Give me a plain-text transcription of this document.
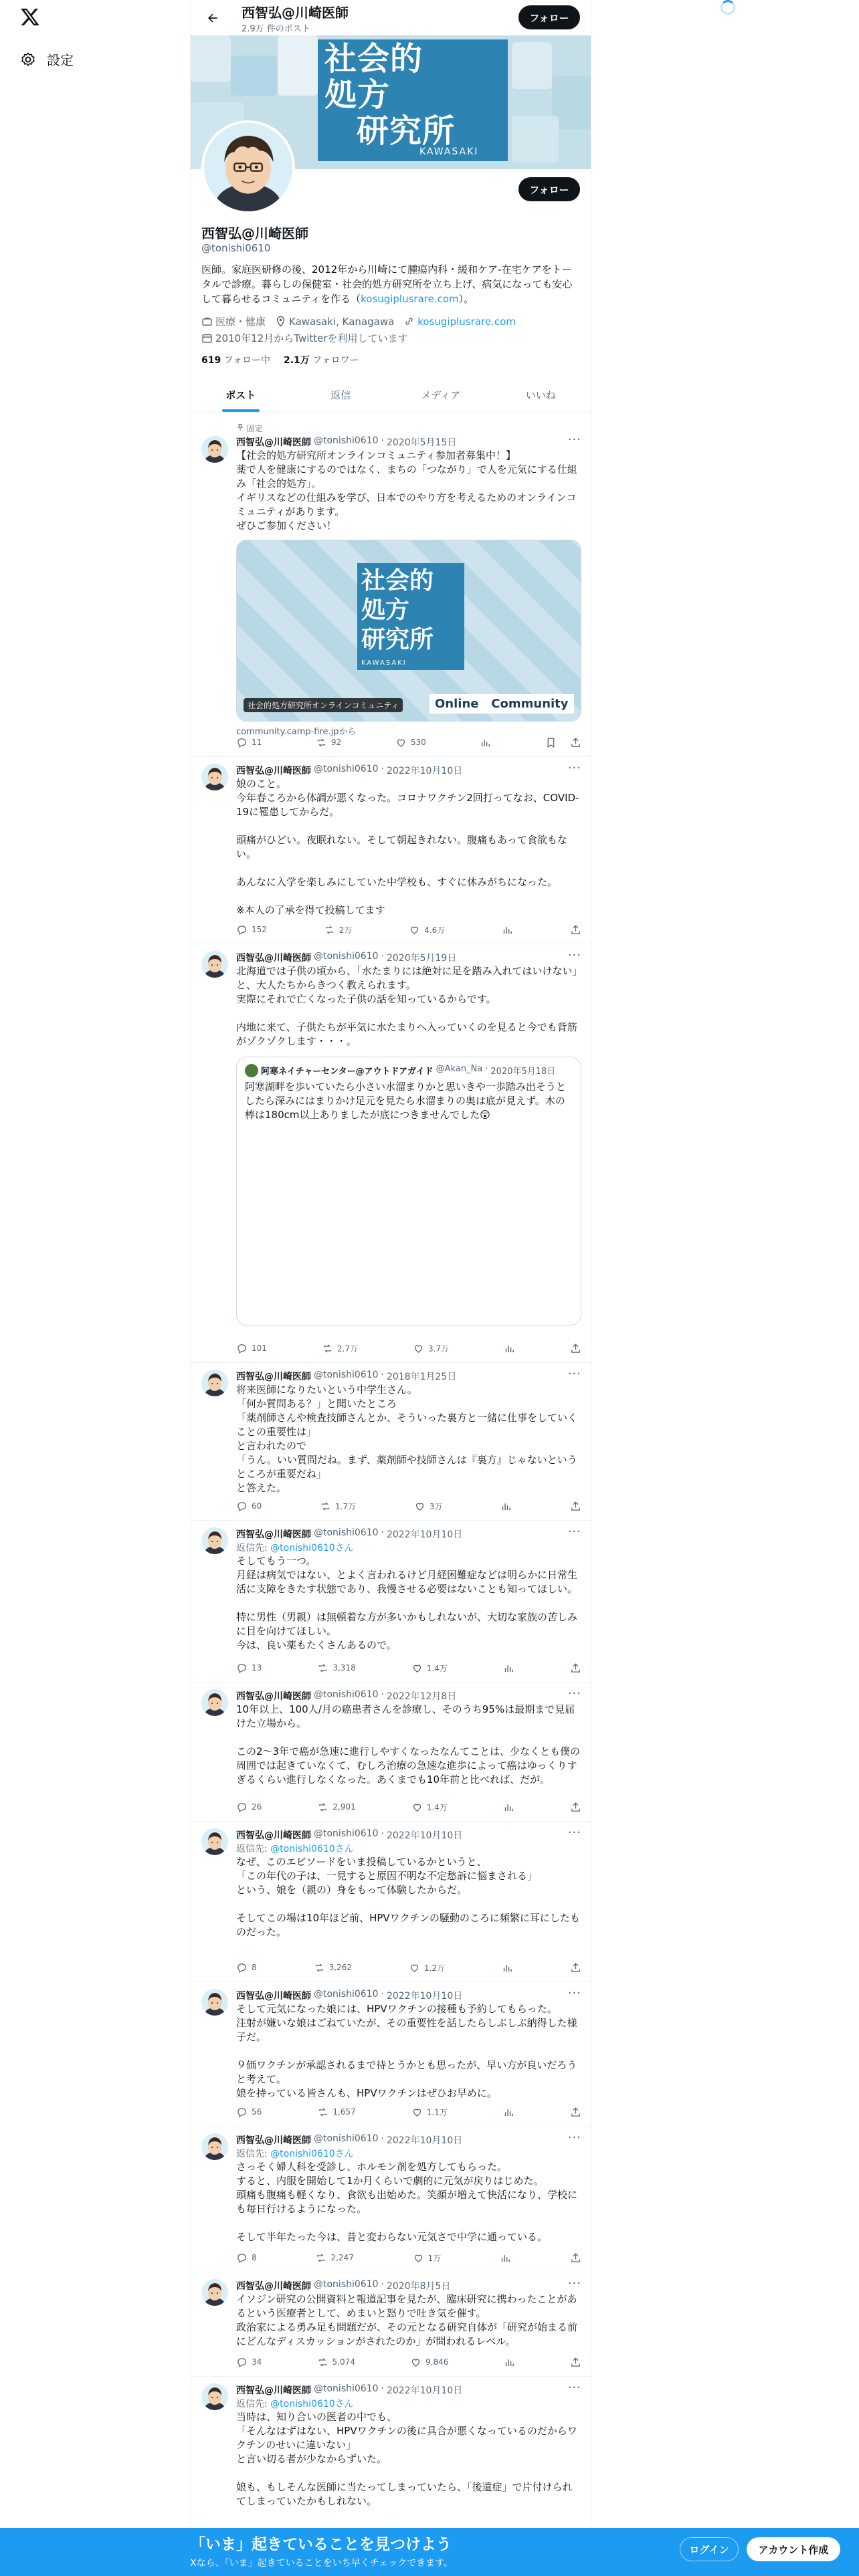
設定
西智弘@川崎医師
2.9万 件のポスト
フォロー
社会的
処方
研究所
KAWASAKI
フォロー
西智弘@川崎医師
@tonishi0610
医師。家庭医研修の後、2012年から川崎にて腫瘍内科・緩和ケア-在宅ケアをトータルで診療。暮らしの保健室・社会的処方研究所を立ち上げ、病気になっても安心して暮らせるコミュニティを作る（kosugiplusrare.com）。
医療・健康 Kawasaki, Kanagawa kosugiplusrare.com
2010年12月からTwitterを利用しています
619 フォロー中 2.1万 フォロワー
ポスト	返信	メディア	いいね
固定
西智弘@川崎医師 @tonishi0610 · 2020年5月15日	···
【社会的処方研究所オンラインコミュニティ参加者募集中！】
薬で人を健康にするのではなく、まちの「つながり」で人を元気にする仕組み「社会的処方」。
イギリスなどの仕組みを学び、日本でのやり方を考えるためのオンラインコミュニティがあります。
ぜひご参加ください！
社会的
処方
研究所
KAWASAKI
Online Community
社会的処方研究所オンラインコミュニティ
community.camp-fire.jpから
11	92	530
西智弘@川崎医師 @tonishi0610 · 2022年10月10日	···
娘のこと。
今年春ころから体調が悪くなった。コロナワクチン2回打ってなお、COVID-19に罹患してからだ。

頭痛がひどい。夜眠れない。そして朝起きれない。腹痛もあって食欲もない。

あんなに入学を楽しみにしていた中学校も、すぐに休みがちになった。

※本人の了承を得て投稿してます
152	2万	4.6万
西智弘@川崎医師 @tonishi0610 · 2020年5月19日	···
北海道では子供の頃から、「水たまりには絶対に足を踏み入れてはいけない」と、大人たちからきつく教えられます。
実際にそれで亡くなった子供の話を知っているからです。

内地に来て、子供たちが平気に水たまりへ入っていくのを見ると今でも背筋がゾクゾクします・・・。
阿寒ネイチャーセンター@アウトドアガイド @Akan_Na · 2020年5月18日
阿寒湖畔を歩いていたら小さい水溜まりかと思いきや一歩踏み出そうとしたら深みにはまりかけ足元を見たら水溜まりの奥は底が見えず。木の棒は180cm以上ありましたが底につきませんでした😲
101	2.7万	3.7万
西智弘@川崎医師 @tonishi0610 · 2018年1月25日	···
将来医師になりたいという中学生さん。
「何か質問ある？」と聞いたところ
「薬剤師さんや検査技師さんとか、そういった裏方と一緒に仕事をしていくことの重要性は」
と言われたので
「うん。いい質問だね。まず、薬剤師や技師さんは『裏方』じゃないというところが重要だね」
と答えた。
60	1.7万	3万
西智弘@川崎医師 @tonishi0610 · 2022年10月10日	···
返信先: @tonishi0610さん
そしてもう一つ。
月経は病気ではない、とよく言われるけど月経困難症などは明らかに日常生活に支障をきたす状態であり、我慢させる必要はないことも知ってほしい。

特に男性（男親）は無頓着な方が多いかもしれないが、大切な家族の苦しみに目を向けてほしい。
今は、良い薬もたくさんあるので。
13	3,318	1.4万
西智弘@川崎医師 @tonishi0610 · 2022年12月8日	···
10年以上、100人/月の癌患者さんを診療し、そのうち95%は最期まで見届けた立場から。

この2〜3年で癌が急速に進行しやすくなったなんてことは、少なくとも僕の周囲では起きていなくて、むしろ治療の急速な進歩によって癌はゆっくりすぎるくらい進行しなくなった。あくまでも10年前と比べれば、だが。
26	2,901	1.4万
西智弘@川崎医師 @tonishi0610 · 2022年10月10日	···
返信先: @tonishi0610さん
なぜ、このエピソードをいま投稿しているかというと、
「この年代の子は、一見すると原因不明な不定愁訴に悩まされる」
という、娘を（親の）身をもって体験したからだ。

そしてこの場は10年ほど前、HPVワクチンの騒動のころに頻繁に耳にしたものだった。
8	3,262	1.2万
西智弘@川崎医師 @tonishi0610 · 2022年10月10日	···
そして元気になった娘には、HPVワクチンの接種も予約してもらった。
注射が嫌いな娘はごねていたが、その重要性を話したらしぶしぶ納得した様子だ。

９価ワクチンが承認されるまで待とうかとも思ったが、早い方が良いだろうと考えて。
娘を持っている皆さんも、HPVワクチンはぜひお早めに。
56	1,657	1.1万
西智弘@川崎医師 @tonishi0610 · 2022年10月10日	···
返信先: @tonishi0610さん
さっそく婦人科を受診し、ホルモン剤を処方してもらった。
すると、内服を開始して1か月くらいで劇的に元気が戻りはじめた。
頭痛も腹痛も軽くなり、食欲も出始めた。笑顔が増えて快活になり、学校にも毎日行けるようになった。

そして半年たった今は、昔と変わらない元気さで中学に通っている。
8	2,247	1万
西智弘@川崎医師 @tonishi0610 · 2020年8月5日	···
イソジン研究の公開資料と報道記事を見たが、臨床研究に携わったことがあるという医療者として、めまいと怒りで吐き気を催す。
政治家による勇み足も問題だが、その元となる研究自体が「研究が始まる前にどんなディスカッションがされたのか」が問われるレベル。
34	5,074	9,846
西智弘@川崎医師 @tonishi0610 · 2022年10月10日	···
返信先: @tonishi0610さん
当時は、知り合いの医者の中でも、
「そんなはずはない、HPVワクチンの後に具合が悪くなっているのだからワクチンのせいに違いない」
と言い切る者が少なからずいた。

娘も、もしそんな医師に当たってしまっていたら、「後遺症」で片付けられてしまっていたかもしれない。
「いま」起きていることを見つけよう
Xなら、「いま」起きていることをいち早くチェックできます。
ログイン	アカウント作成
